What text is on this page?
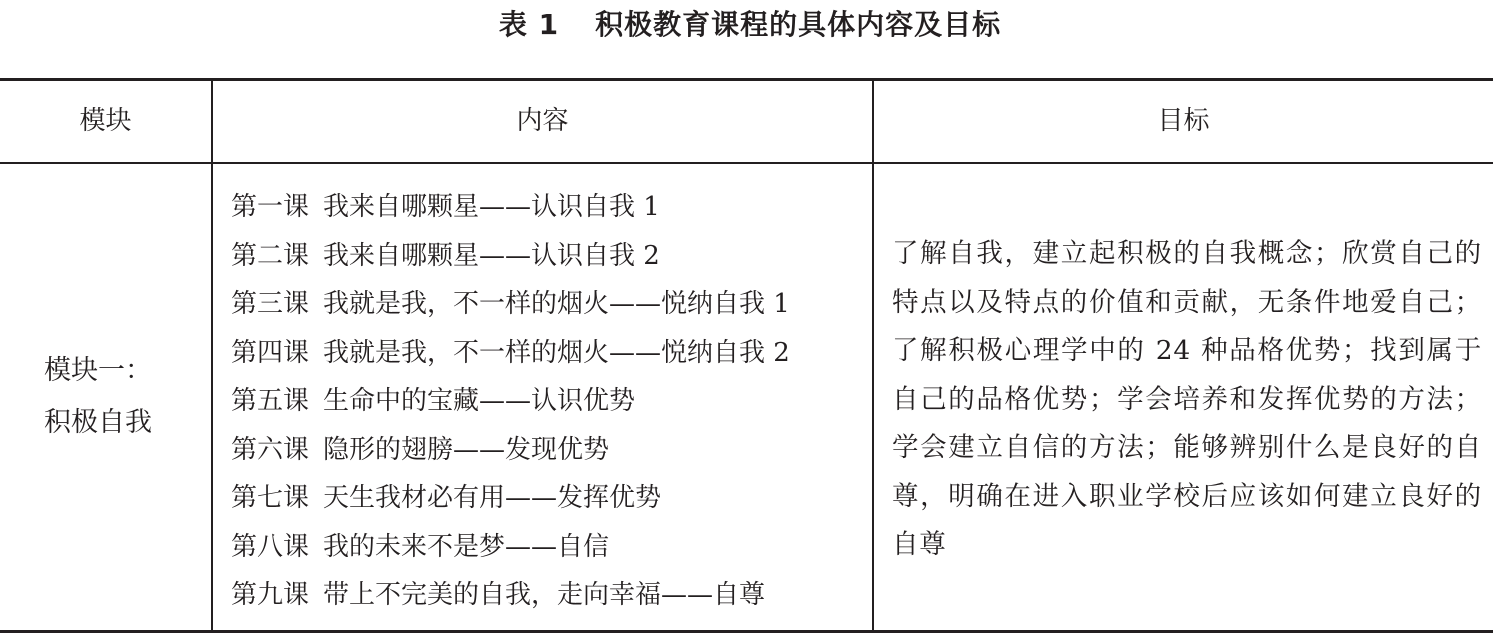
表 1 积极教育课程的具体内容及目标
模块	内容	目标
模块一：
积极自我
第一课 我来自哪颗星——认识自我 1
第二课 我来自哪颗星——认识自我 2
第三课 我就是我，不一样的烟火——悦纳自我 1
第四课 我就是我，不一样的烟火——悦纳自我 2
第五课 生命中的宝藏——认识优势
第六课 隐形的翅膀——发现优势
第七课 天生我材必有用——发挥优势
第八课 我的未来不是梦——自信
第九课 带上不完美的自我，走向幸福——自尊
了解自我，建立起积极的自我概念；欣赏自己的特点以及特点的价值和贡献，无条件地爱自己；了解积极心理学中的 24 种品格优势；找到属于自己的品格优势；学会培养和发挥优势的方法；学会建立自信的方法；能够辨别什么是良好的自尊，明确在进入职业学校后应该如何建立良好的自尊
